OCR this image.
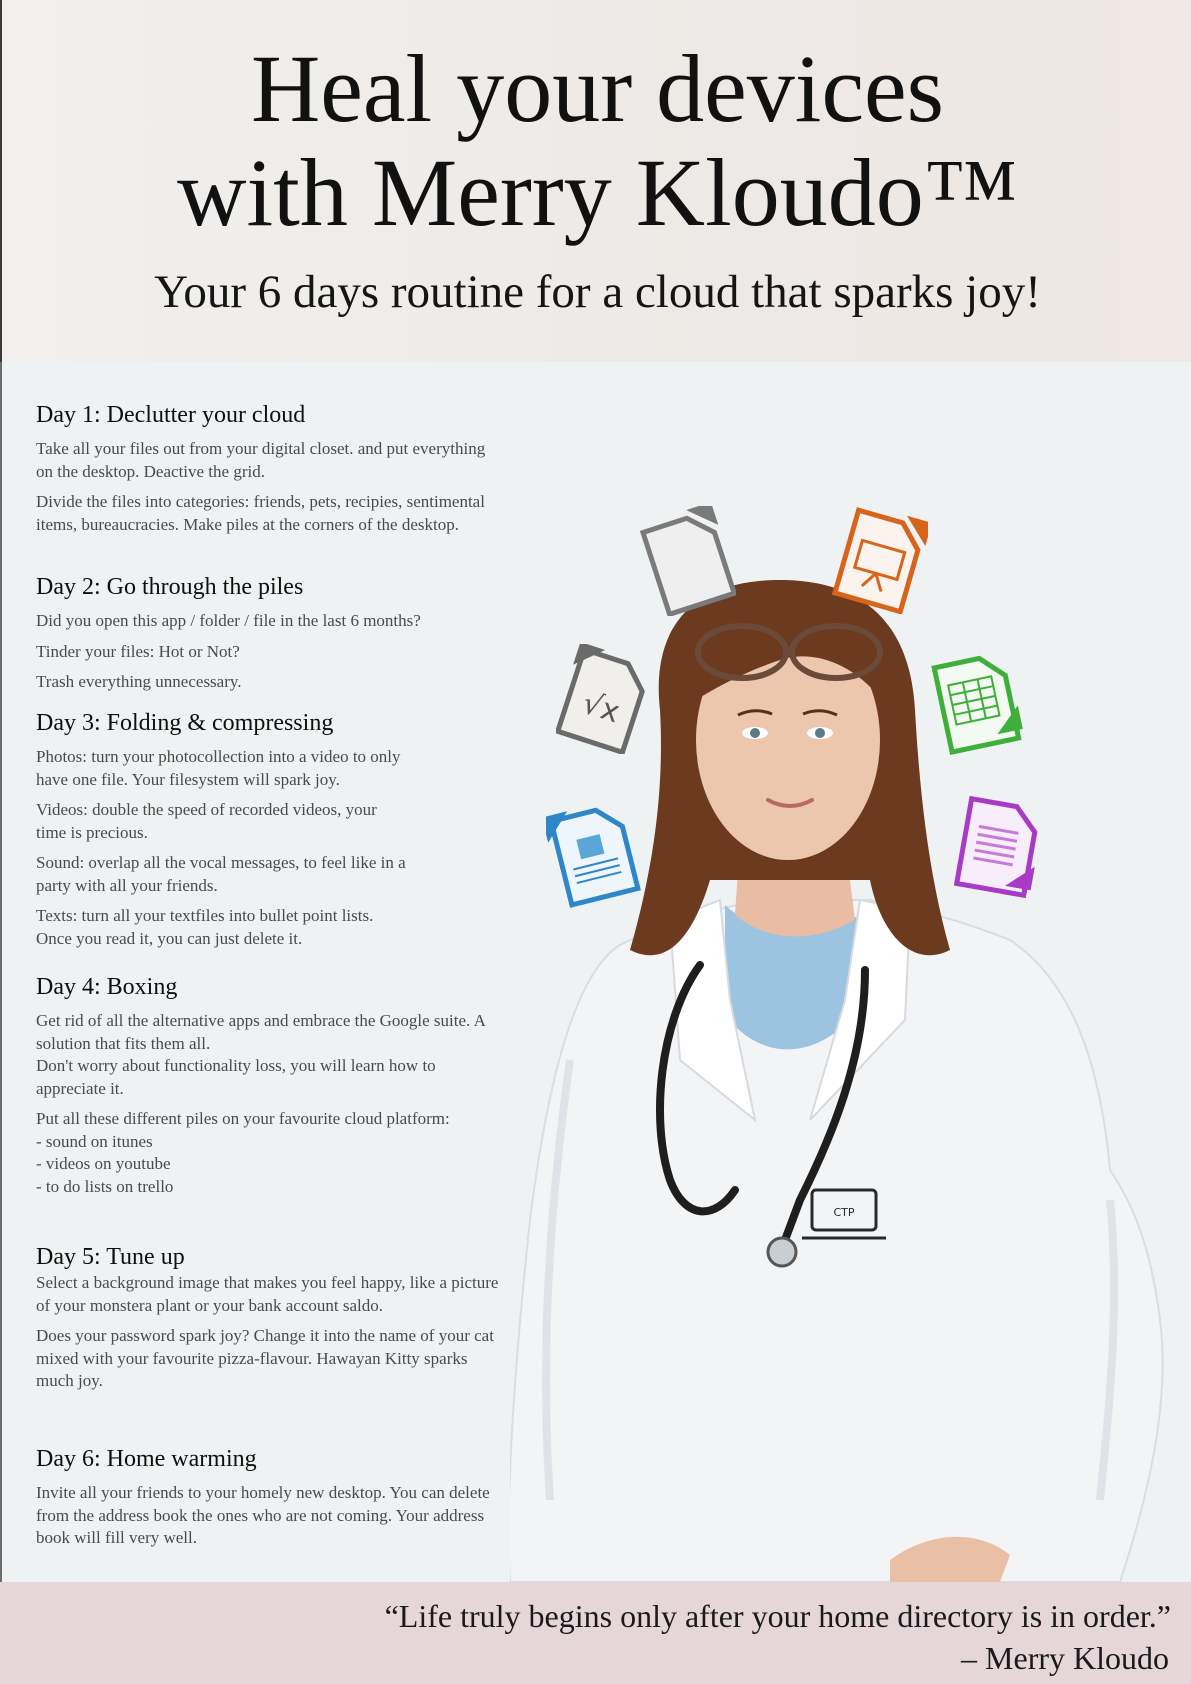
Heal your devices
with Merry Kloudo™
Your 6 days routine for a cloud that sparks joy!
CTP
√x
Day 1: Declutter your cloud

Take all your files out from your digital closet. and put everything on the desktop. Deactive the grid.

Divide the files into categories: friends, pets, recipies, sentimental items, bureaucracies. Make piles at the corners of the desktop.

Day 2: Go through the piles

Did you open this app / folder / file in the last 6 months?

Tinder your files: Hot or Not?

Trash everything unnecessary.

Day 3: Folding & compressing

Photos: turn your photocollection into a video to only have one file. Your filesystem will spark joy.

Videos: double the speed of recorded videos, your time is precious.

Sound: overlap all the vocal messages, to feel like in a party with all your friends.

Texts: turn all your textfiles into bullet point lists. Once you read it, you can just delete it.

Day 4: Boxing

Get rid of all the alternative apps and embrace the Google suite. A solution that fits them all.
Don't worry about functionality loss, you will learn how to appreciate it.

Put all these different piles on your favourite cloud platform:
- sound on itunes
- videos on youtube
- to do lists on trello

Day 5: Tune up

Select a background image that makes you feel happy, like a picture of your monstera plant or your bank account saldo.

Does your password spark joy? Change it into the name of your cat mixed with your favourite pizza-flavour. Hawayan Kitty sparks much joy.

Day 6: Home warming

Invite all your friends to your homely new desktop. You can delete from the address book the ones who are not coming. Your address book will fill very well.

“Life truly begins only after your home directory is in order.”
– Merry Kloudo
